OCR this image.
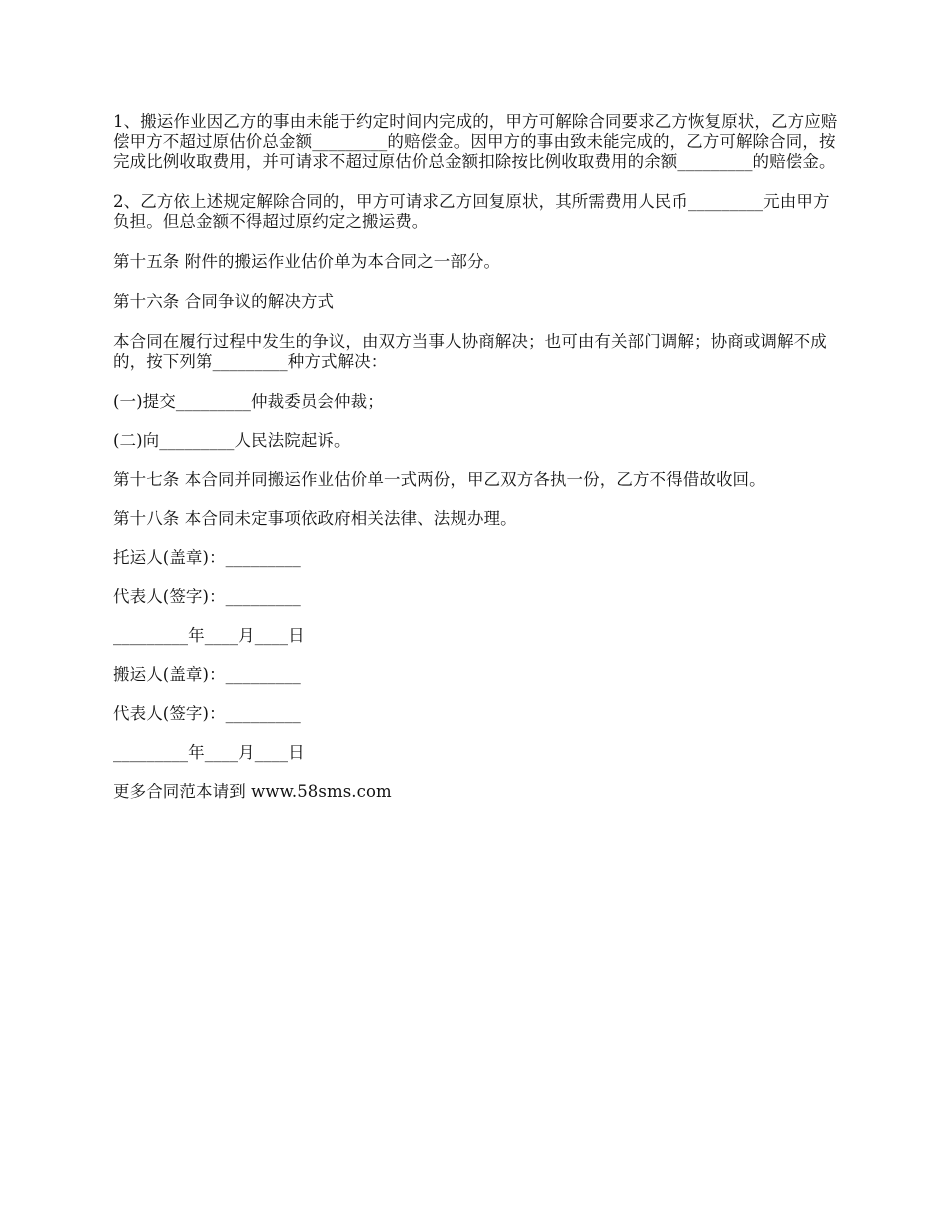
1、搬运作业因乙方的事由未能于约定时间内完成的，甲方可解除合同要求乙方恢复原状，乙方应赔偿甲方不超过原估价总金额_________的赔偿金。因甲方的事由致未能完成的，乙方可解除合同，按完成比例收取费用，并可请求不超过原估价总金额扣除按比例收取费用的余额_________的赔偿金。

2、乙方依上述规定解除合同的，甲方可请求乙方回复原状，其所需费用人民币_________元由甲方负担。但总金额不得超过原约定之搬运费。

第十五条 附件的搬运作业估价单为本合同之一部分。

第十六条 合同争议的解决方式

本合同在履行过程中发生的争议，由双方当事人协商解决；也可由有关部门调解；协商或调解不成的，按下列第_________种方式解决：

(一)提交_________仲裁委员会仲裁；

(二)向_________人民法院起诉。

第十七条 本合同并同搬运作业估价单一式两份，甲乙双方各执一份，乙方不得借故收回。

第十八条 本合同未定事项依政府相关法律、法规办理。

托运人(盖章)：_________

代表人(签字)：_________

_________年____月____日

搬运人(盖章)：_________

代表人(签字)：_________

_________年____月____日

更多合同范本请到 www.58sms.com
